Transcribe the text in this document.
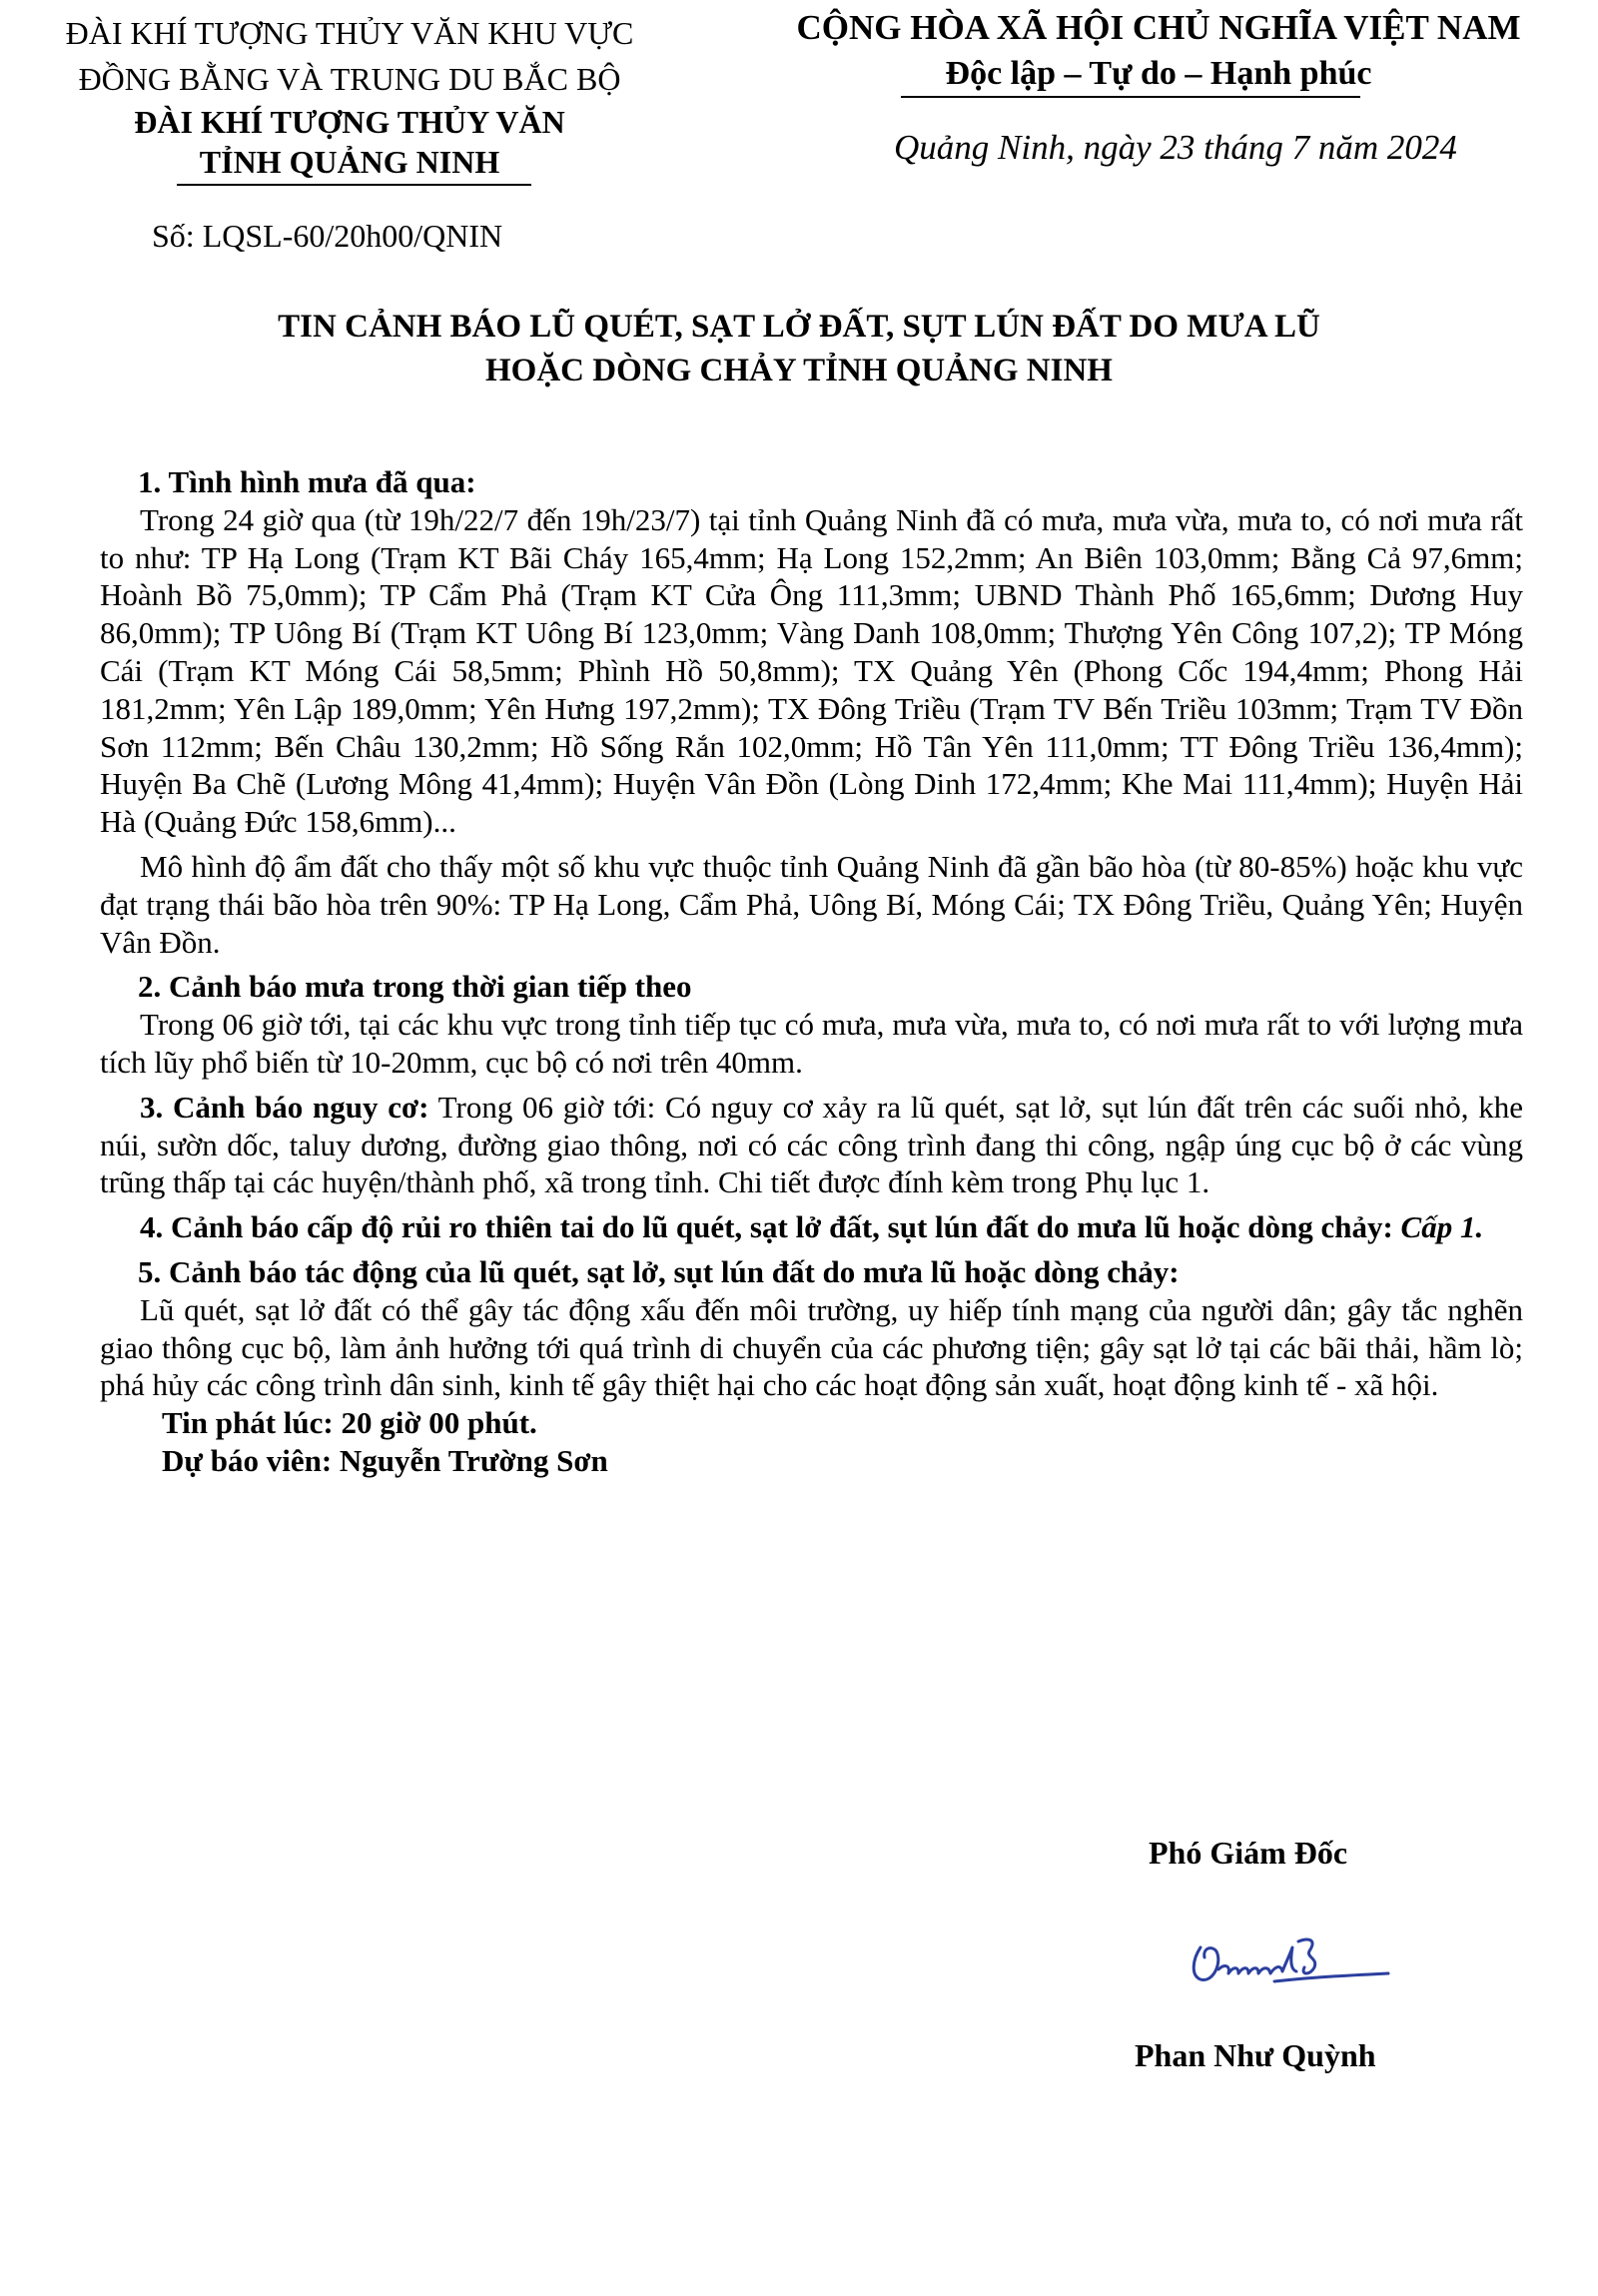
ĐÀI KHÍ TƯỢNG THỦY VĂN KHU VỰC
ĐỒNG BẰNG VÀ TRUNG DU BẮC BỘ
ĐÀI KHÍ TƯỢNG THỦY VĂN
TỈNH QUẢNG NINH
Số: LQSL-60/20h00/QNIN
CỘNG HÒA XÃ HỘI CHỦ NGHĨA VIỆT NAM
Độc lập – Tự do – Hạnh phúc
Quảng Ninh, ngày 23 tháng 7 năm 2024
TIN CẢNH BÁO LŨ QUÉT, SẠT LỞ ĐẤT, SỤT LÚN ĐẤT DO MƯA LŨ
HOẶC DÒNG CHẢY TỈNH QUẢNG NINH
1. Tình hình mưa đã qua:

Trong 24 giờ qua (từ 19h/22/7 đến 19h/23/7) tại tỉnh Quảng Ninh đã có mưa, mưa vừa, mưa to, có nơi mưa rất to như: TP Hạ Long (Trạm KT Bãi Cháy 165,4mm; Hạ Long 152,2mm; An Biên 103,0mm; Bằng Cả 97,6mm; Hoành Bồ 75,0mm); TP Cẩm Phả (Trạm KT Cửa Ông 111,3mm; UBND Thành Phố 165,6mm; Dương Huy 86,0mm); TP Uông Bí (Trạm KT Uông Bí 123,0mm; Vàng Danh 108,0mm; Thượng Yên Công 107,2); TP Móng Cái (Trạm KT Móng Cái 58,5mm; Phình Hồ 50,8mm); TX Quảng Yên (Phong Cốc 194,4mm; Phong Hải 181,2mm; Yên Lập 189,0mm; Yên Hưng 197,2mm); TX Đông Triều (Trạm TV Bến Triều 103mm; Trạm TV Đồn Sơn 112mm; Bến Châu 130,2mm; Hồ Sống Rắn 102,0mm; Hồ Tân Yên 111,0mm; TT Đông Triều 136,4mm); Huyện Ba Chẽ (Lương Mông 41,4mm); Huyện Vân Đồn (Lòng Dinh 172,4mm; Khe Mai 111,4mm); Huyện Hải Hà (Quảng Đức 158,6mm)...

Mô hình độ ẩm đất cho thấy một số khu vực thuộc tỉnh Quảng Ninh đã gần bão hòa (từ 80-85%) hoặc khu vực đạt trạng thái bão hòa trên 90%: TP Hạ Long, Cẩm Phả, Uông Bí, Móng Cái; TX Đông Triều, Quảng Yên; Huyện Vân Đồn.

2. Cảnh báo mưa trong thời gian tiếp theo

Trong 06 giờ tới, tại các khu vực trong tỉnh tiếp tục có mưa, mưa vừa, mưa to, có nơi mưa rất to với lượng mưa tích lũy phổ biến từ 10-20mm, cục bộ có nơi trên 40mm.

3. Cảnh báo nguy cơ: Trong 06 giờ tới: Có nguy cơ xảy ra lũ quét, sạt lở, sụt lún đất trên các suối nhỏ, khe núi, sườn dốc, taluy dương, đường giao thông, nơi có các công trình đang thi công, ngập úng cục bộ ở các vùng trũng thấp tại các huyện/thành phố, xã trong tỉnh. Chi tiết được đính kèm trong Phụ lục 1.

4. Cảnh báo cấp độ rủi ro thiên tai do lũ quét, sạt lở đất, sụt lún đất do mưa lũ hoặc dòng chảy: Cấp 1.

5. Cảnh báo tác động của lũ quét, sạt lở, sụt lún đất do mưa lũ hoặc dòng chảy:

Lũ quét, sạt lở đất có thể gây tác động xấu đến môi trường, uy hiếp tính mạng của người dân; gây tắc nghẽn giao thông cục bộ, làm ảnh hưởng tới quá trình di chuyển của các phương tiện; gây sạt lở tại các bãi thải, hầm lò; phá hủy các công trình dân sinh, kinh tế gây thiệt hại cho các hoạt động sản xuất, hoạt động kinh tế - xã hội.

Tin phát lúc: 20 giờ 00 phút.
Dự báo viên: Nguyễn Trường Sơn
Phó Giám Đốc
Phan Như Quỳnh
